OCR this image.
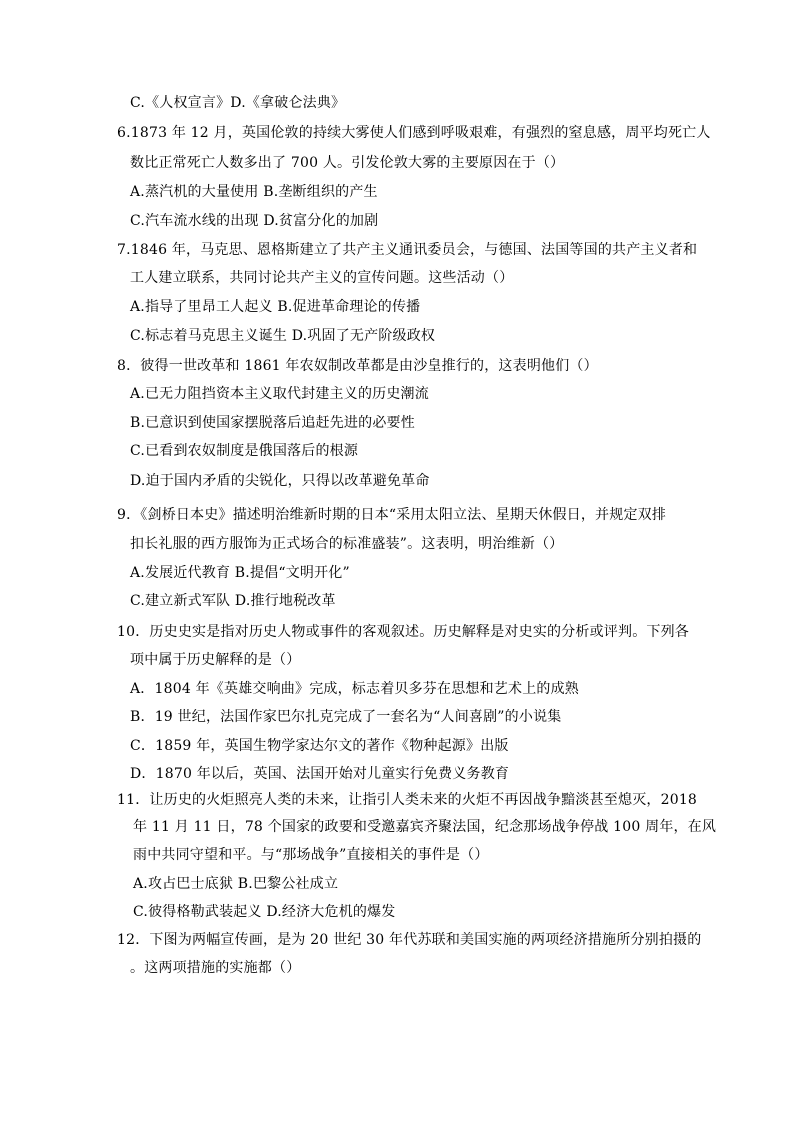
C.《人权宣言》D.《拿破仑法典》
6.1873 年 12 月，英国伦敦的持续大雾使人们感到呼吸艰难，有强烈的窒息感，周平均死亡人
数比正常死亡人数多出了 700 人。引发伦敦大雾的主要原因在于（）
A.蒸汽机的大量使用 B.垄断组织的产生
C.汽车流水线的出现 D.贫富分化的加剧
7.1846 年，马克思、恩格斯建立了共产主义通讯委员会，与德国、法国等国的共产主义者和
工人建立联系，共同讨论共产主义的宣传问题。这些活动（）
A.指导了里昂工人起义 B.促进革命理论的传播
C.标志着马克思主义诞生 D.巩固了无产阶级政权
8．彼得一世改革和 1861 年农奴制改革都是由沙皇推行的，这表明他们（）
A.已无力阻挡资本主义取代封建主义的历史潮流
B.已意识到使国家摆脱落后追赶先进的必要性
C.已看到农奴制度是俄国落后的根源
D.迫于国内矛盾的尖锐化，只得以改革避免革命
9．《剑桥日本史》描述明治维新时期的日本“采用太阳立法、星期天休假日，并规定双排
扣长礼服的西方服饰为正式场合的标准盛装”。这表明，明治维新（）
A.发展近代教育 B.提倡“文明开化”
C.建立新式军队 D.推行地税改革
10．历史史实是指对历史人物或事件的客观叙述。历史解释是对史实的分析或评判。下列各
项中属于历史解释的是（）
A．1804 年《英雄交响曲》完成，标志着贝多芬在思想和艺术上的成熟
B．19 世纪，法国作家巴尔扎克完成了一套名为“人间喜剧”的小说集
C．1859 年，英国生物学家达尔文的著作《物种起源》出版
D．1870 年以后，英国、法国开始对儿童实行免费义务教育
11．让历史的火炬照亮人类的未来，让指引人类未来的火炬不再因战争黯淡甚至熄灭，2018
年 11 月 11 日，78 个国家的政要和受邀嘉宾齐聚法国，纪念那场战争停战 100 周年，在风
雨中共同守望和平。与“那场战争”直接相关的事件是（）
A.攻占巴士底狱 B.巴黎公社成立
C.彼得格勒武装起义 D.经济大危机的爆发
12．下图为两幅宣传画，是为 20 世纪 30 年代苏联和美国实施的两项经济措施所分别拍摄的
。这两项措施的实施都（）
